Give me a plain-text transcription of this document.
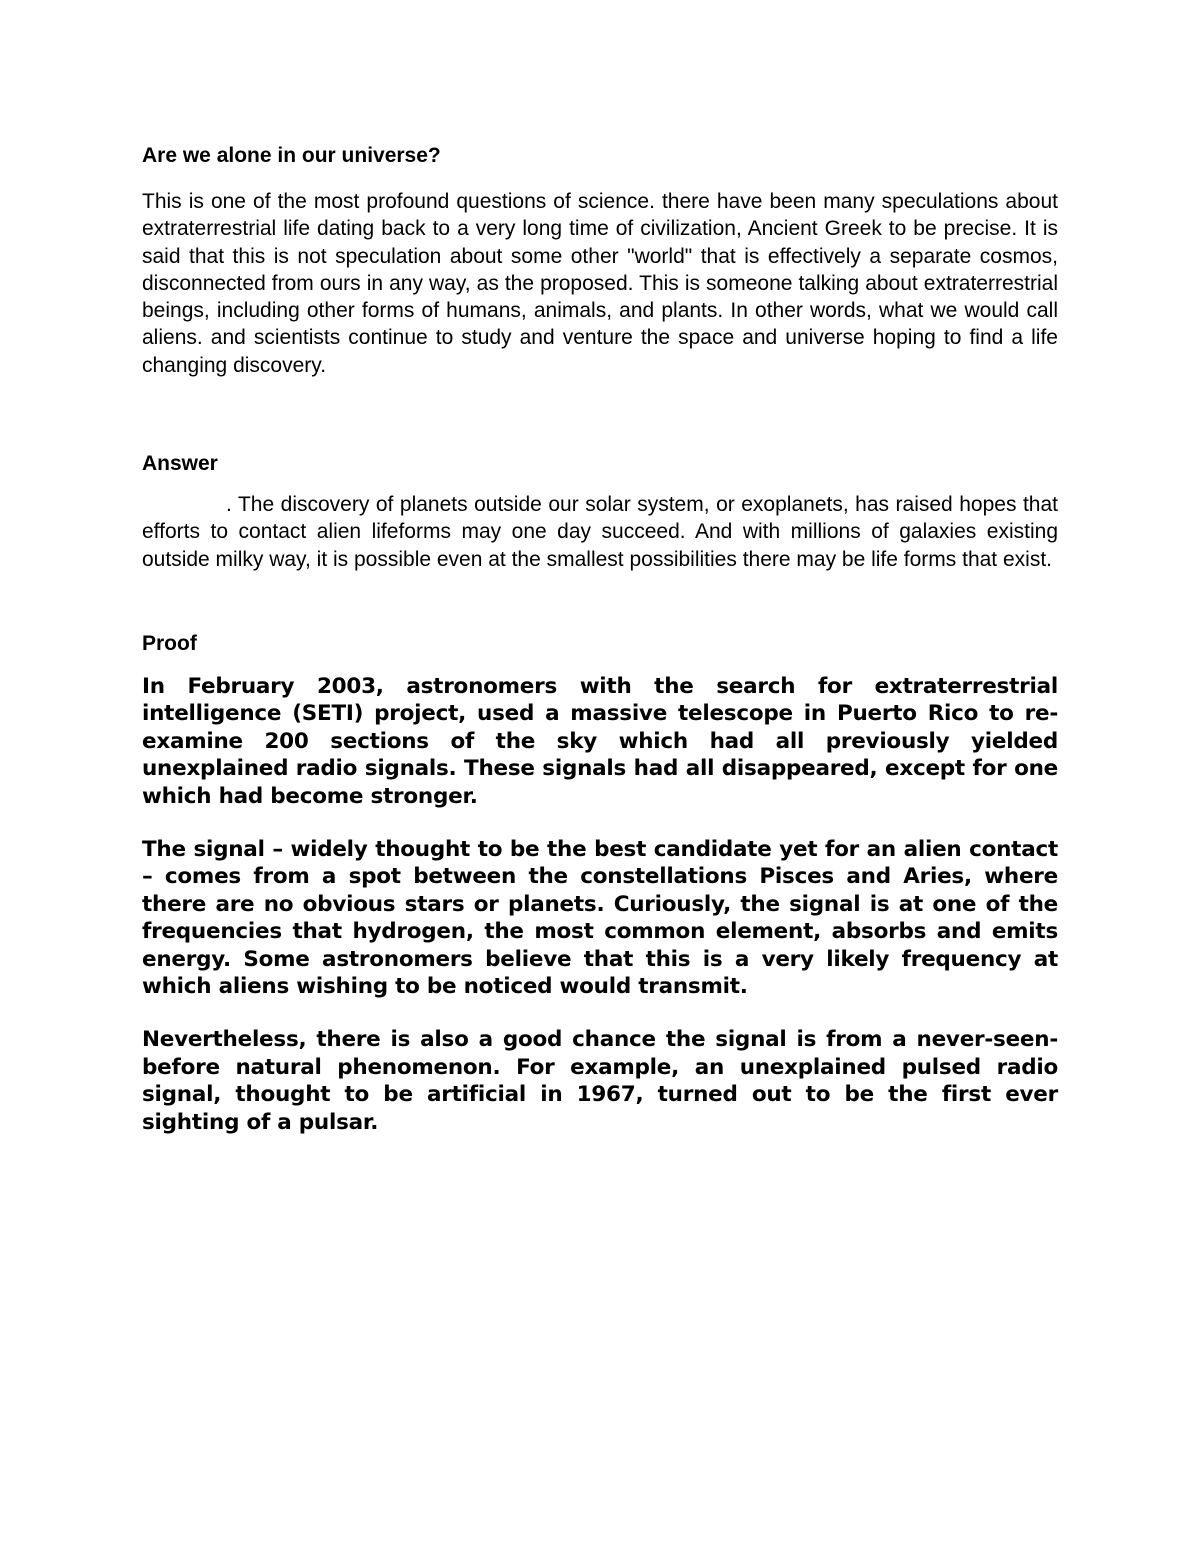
Are we alone in our universe?

This is one of the most profound questions of science. there have been many speculations about extraterrestrial life dating back to a very long time of civilization, Ancient Greek to be precise. It is said that this is not speculation about some other "world" that is effectively a separate cosmos, disconnected from ours in any way, as the proposed. This is someone talking about extraterrestrial beings, including other forms of humans, animals, and plants. In other words, what we would call aliens. and scientists continue to study and venture the space and universe hoping to find a life changing discovery.

Answer

. The discovery of planets outside our solar system, or exoplanets, has raised hopes that efforts to contact alien lifeforms may one day succeed. And with millions of galaxies existing outside milky way, it is possible even at the smallest possibilities there may be life forms that exist.

Proof

In February 2003, astronomers with the search for extraterrestrial intelligence (SETI) project, used a massive telescope in Puerto Rico to re-examine 200 sections of the sky which had all previously yielded unexplained radio signals. These signals had all disappeared, except for one which had become stronger.

The signal – widely thought to be the best candidate yet for an alien contact – comes from a spot between the constellations Pisces and Aries, where there are no obvious stars or planets. Curiously, the signal is at one of the frequencies that hydrogen, the most common element, absorbs and emits energy. Some astronomers believe that this is a very likely frequency at which aliens wishing to be noticed would transmit.

Nevertheless, there is also a good chance the signal is from a never-seen-before natural phenomenon. For example, an unexplained pulsed radio signal, thought to be artificial in 1967, turned out to be the first ever sighting of a pulsar.
